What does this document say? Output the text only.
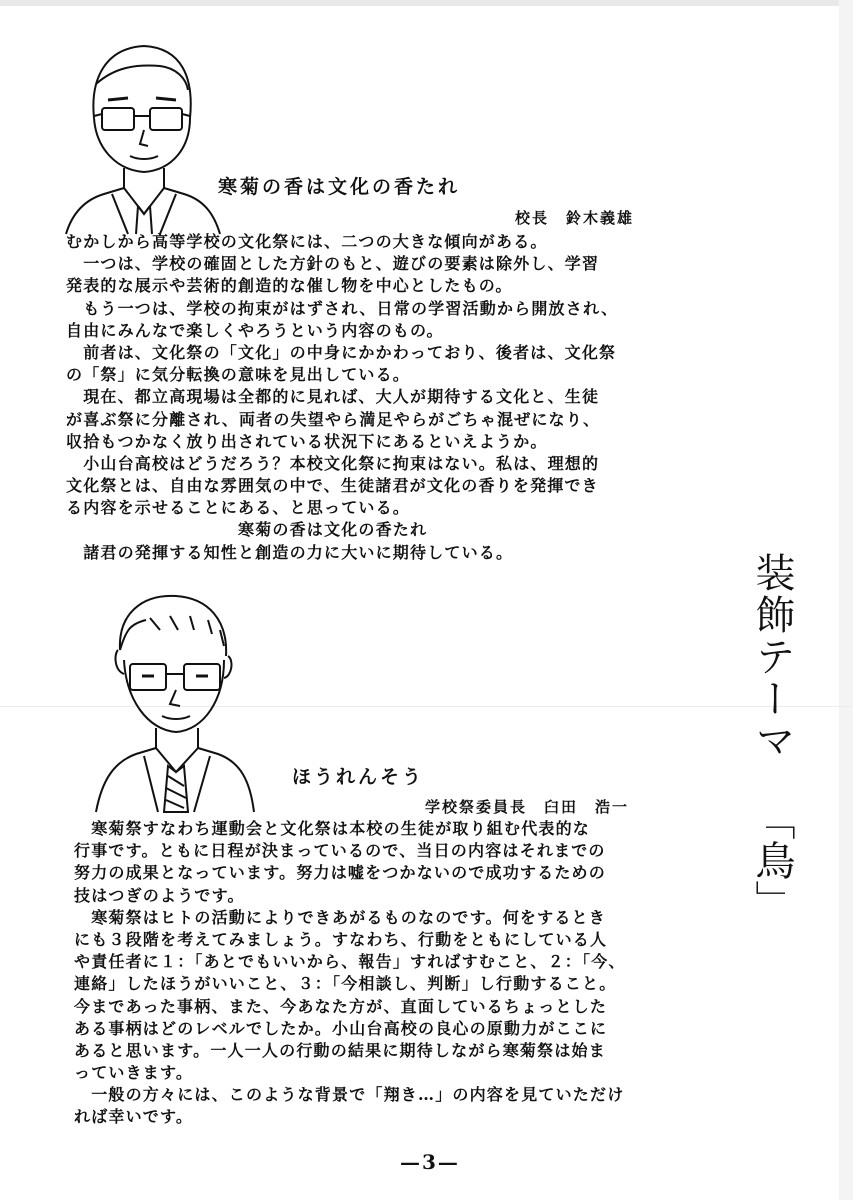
寒菊の香は文化の香たれ
校長　鈴木義雄
むかしから高等学校の文化祭には、二つの大きな傾向がある。
　一つは、学校の確固とした方針のもと、遊びの要素は除外し、学習
発表的な展示や芸術的創造的な催し物を中心としたもの。
　もう一つは、学校の拘束がはずされ、日常の学習活動から開放され、
自由にみんなで楽しくやろうという内容のもの。
　前者は、文化祭の「文化」の中身にかかわっており、後者は、文化祭
の「祭」に気分転換の意味を見出している。
　現在、都立高現場は全都的に見れば、大人が期待する文化と、生徒
が喜ぶ祭に分離され、両者の失望やら満足やらがごちゃ混ぜになり、
収拾もつかなく放り出されている状況下にあるといえようか。
　小山台高校はどうだろう？本校文化祭に拘束はない。私は、理想的
文化祭とは、自由な雰囲気の中で、生徒諸君が文化の香りを発揮でき
る内容を示せることにある、と思っている。
　　　　　　　　　　寒菊の香は文化の香たれ
　諸君の発揮する知性と創造の力に大いに期待している。
ほうれんそう
学校祭委員長　臼田　浩一
　寒菊祭すなわち運動会と文化祭は本校の生徒が取り組む代表的な
行事です。ともに日程が決まっているので、当日の内容はそれまでの
努力の成果となっています。努力は嘘をつかないので成功するための
技はつぎのようです。
　寒菊祭はヒトの活動によりできあがるものなのです。何をするとき
にも３段階を考えてみましょう。すなわち、行動をともにしている人
や責任者に１：「あとでもいいから、報告」すればすむこと、２：「今、
連絡」したほうがいいこと、３：「今相談し、判断」し行動すること。
今まであった事柄、また、今あなた方が、直面しているちょっとした
ある事柄はどのレベルでしたか。小山台高校の良心の原動力がここに
あると思います。一人一人の行動の結果に期待しながら寒菊祭は始ま
っていきます。
　一般の方々には、このような背景で「翔き…」の内容を見ていただけ
れば幸いです。
装飾テーマ
「鳥」
—3—
